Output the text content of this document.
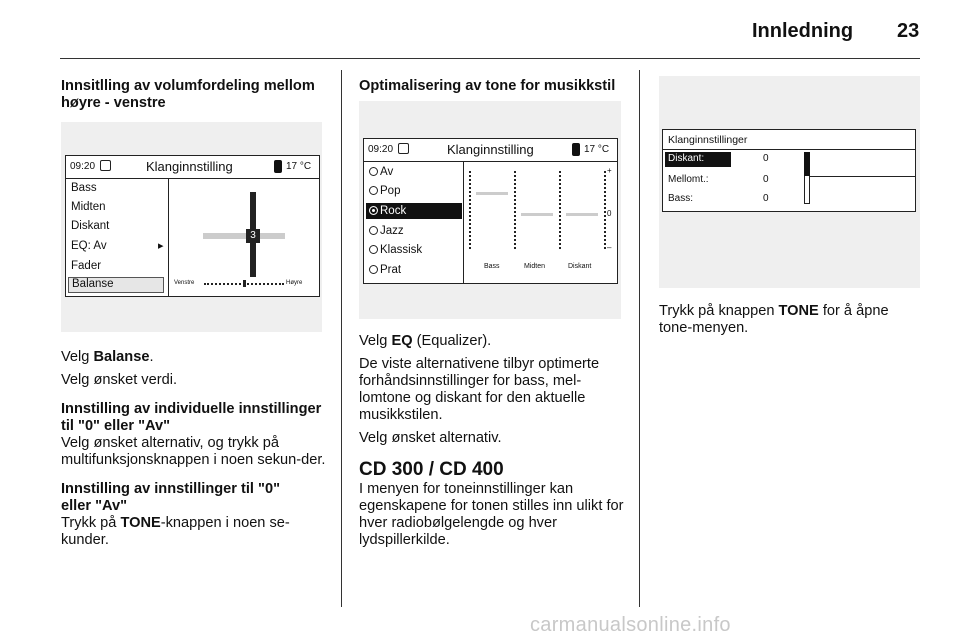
Innledning 23

Innsitlling av volumfordeling mellom høyre - venstre

09:20	Klanginnstilling	17 °C
Bass
Midten
Diskant
EQ: Av	▸
Fader
Balanse
3
Venstre	Høyre

Velg Balanse.

Velg ønsket verdi.

Innstilling av individuelle innstillinger til "0" eller "Av"

Velg ønsket alternativ, og trykk på multifunksjonsknappen i noen sekun-der.

Innstilling av innstillinger til "0" eller "Av"

Trykk på TONE-knappen i noen se-kunder.

Optimalisering av tone for musikkstil

09:20	Klanginnstilling	17 °C
Av
Pop
Rock
Jazz
Klassisk
Prat
+
0
–
Bass	Midten	Diskant

Velg EQ (Equalizer).

De viste alternativene tilbyr optimerte forhåndsinnstillinger for bass, mel-lomtone og diskant for den aktuelle musikkstilen.

Velg ønsket alternativ.

CD 300 / CD 400

I menyen for toneinnstillinger kan egenskapene for tonen stilles inn ulikt for hver radiobølgelengde og hver lydspillerkilde.

Klanginnstillinger
Diskant:	0
Mellomt.:	0
Bass:	0

Trykk på knappen TONE for å åpne tone-menyen.

carmanualsonline.info
